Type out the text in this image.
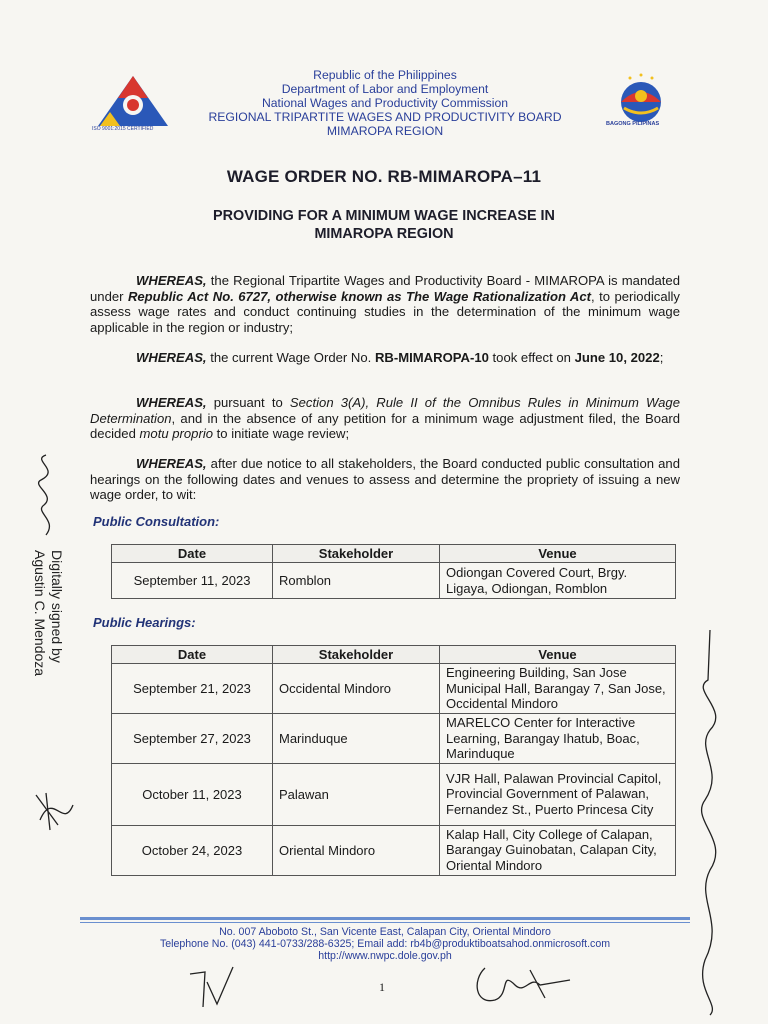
ISO 9001:2015 CERTIFIED
BAGONG PILIPINAS
Republic of the Philippines
Department of Labor and Employment
National Wages and Productivity Commission
REGIONAL TRIPARTITE WAGES AND PRODUCTIVITY BOARD
MIMAROPA REGION
WAGE ORDER NO. RB-MIMAROPA–11
PROVIDING FOR A MINIMUM WAGE INCREASE IN
MIMAROPA REGION
WHEREAS, the Regional Tripartite Wages and Productivity Board - MIMAROPA is mandated under Republic Act No. 6727, otherwise known as The Wage Rationalization Act, to periodically assess wage rates and conduct continuing studies in the determination of the minimum wage applicable in the region or industry;
WHEREAS, the current Wage Order No. RB-MIMAROPA-10 took effect on June 10, 2022;
WHEREAS, pursuant to Section 3(A), Rule II of the Omnibus Rules in Minimum Wage Determination, and in the absence of any petition for a minimum wage adjustment filed, the Board decided motu proprio to initiate wage review;
WHEREAS, after due notice to all stakeholders, the Board conducted public consultation and hearings on the following dates and venues to assess and determine the propriety of issuing a new wage order, to wit:
Public Consultation:
Date	Stakeholder	Venue
September 11, 2023	Romblon	Odiongan Covered Court, Brgy. Ligaya, Odiongan, Romblon
Public Hearings:
Date	Stakeholder	Venue
September 21, 2023	Occidental Mindoro	Engineering Building, San Jose Municipal Hall, Barangay 7, San Jose, Occidental Mindoro
September 27, 2023	Marinduque	MARELCO Center for Interactive Learning, Barangay Ihatub, Boac, Marinduque
October 11, 2023	Palawan	VJR Hall, Palawan Provincial Capitol, Provincial Government of Palawan, Fernandez St., Puerto Princesa City
October 24, 2023	Oriental Mindoro	Kalap Hall, City College of Calapan, Barangay Guinobatan, Calapan City, Oriental Mindoro
Digitally signed by
Agustin C. Mendoza
No. 007 Aboboto St., San Vicente East, Calapan City, Oriental Mindoro
Telephone No. (043) 441-0733/288-6325; Email add: rb4b@produktiboatsahod.onmicrosoft.com
http://www.nwpc.dole.gov.ph
1
